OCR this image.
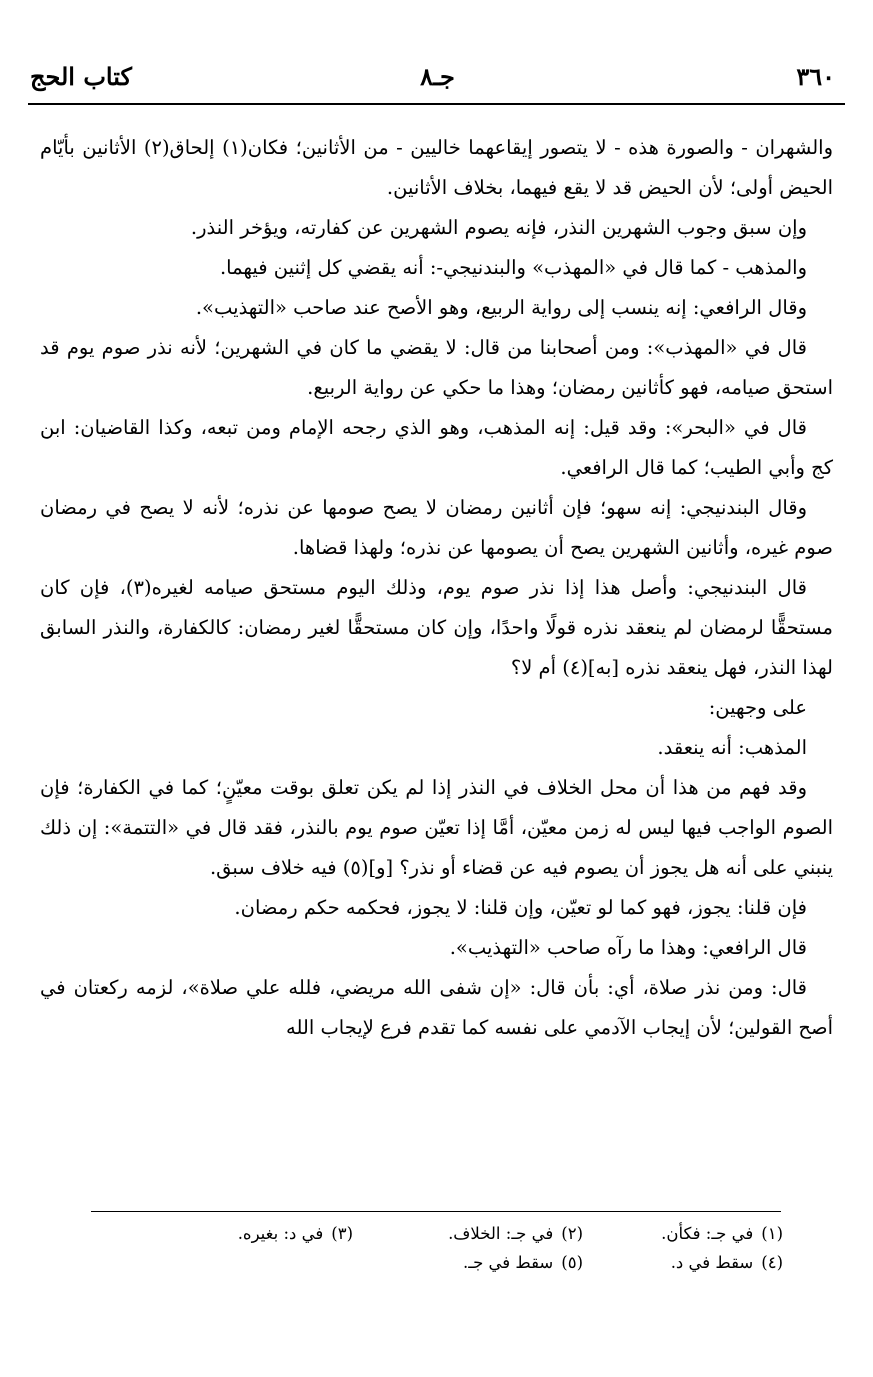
٣٦٠
جـ٨
كتاب الحج

والشهران - والصورة هذه - لا يتصور إيقاعهما خاليين - من الأثانين؛ فكان(١) إلحاق(٢) الأثانين بأيّام الحيض أولى؛ لأن الحيض قد لا يقع فيهما، بخلاف الأثانين.

وإن سبق وجوب الشهرين النذر، فإنه يصوم الشهرين عن كفارته، ويؤخر النذر.

والمذهب - كما قال في «المهذب» والبندنيجي-: أنه يقضي كل إثنين فيهما.

وقال الرافعي: إنه ينسب إلى رواية الربيع، وهو الأصح عند صاحب «التهذيب».

قال في «المهذب»: ومن أصحابنا من قال: لا يقضي ما كان في الشهرين؛ لأنه نذر صوم يوم قد استحق صيامه، فهو كأثانين رمضان؛ وهذا ما حكي عن رواية الربيع.

قال في «البحر»: وقد قيل: إنه المذهب، وهو الذي رجحه الإمام ومن تبعه، وكذا القاضيان: ابن كج وأبي الطيب؛ كما قال الرافعي.

وقال البندنيجي: إنه سهو؛ فإن أثانين رمضان لا يصح صومها عن نذره؛ لأنه لا يصح في رمضان صوم غيره، وأثانين الشهرين يصح أن يصومها عن نذره؛ ولهذا قضاها.

قال البندنيجي: وأصل هذا إذا نذر صوم يوم، وذلك اليوم مستحق صيامه لغيره(٣)، فإن كان مستحقًّا لرمضان لم ينعقد نذره قولًا واحدًا، وإن كان مستحقًّا لغير رمضان: كالكفارة، والنذر السابق لهذا النذر، فهل ينعقد نذره [به](٤) أم لا؟

على وجهين:

المذهب: أنه ينعقد.

وقد فهم من هذا أن محل الخلاف في النذر إذا لم يكن تعلق بوقت معيّنٍ؛ كما في الكفارة؛ فإن الصوم الواجب فيها ليس له زمن معيّن، أمَّا إذا تعيّن صوم يوم بالنذر، فقد قال في «التتمة»: إن ذلك ينبني على أنه هل يجوز أن يصوم فيه عن قضاء أو نذر؟ [و](٥) فيه خلاف سبق.

فإن قلنا: يجوز، فهو كما لو تعيّن، وإن قلنا: لا يجوز، فحكمه حكم رمضان.

قال الرافعي: وهذا ما رآه صاحب «التهذيب».

قال: ومن نذر صلاة، أي: بأن قال: «إن شفى الله مريضي، فلله علي صلاة»، لزمه ركعتان في أصح القولين؛ لأن إيجاب الآدمي على نفسه كما تقدم فرع لإيجاب الله

(١)في جـ: فكأن.
(٢)في جـ: الخلاف.
(٣)في د: بغيره.
(٤)سقط في د.
(٥)سقط في جـ.
